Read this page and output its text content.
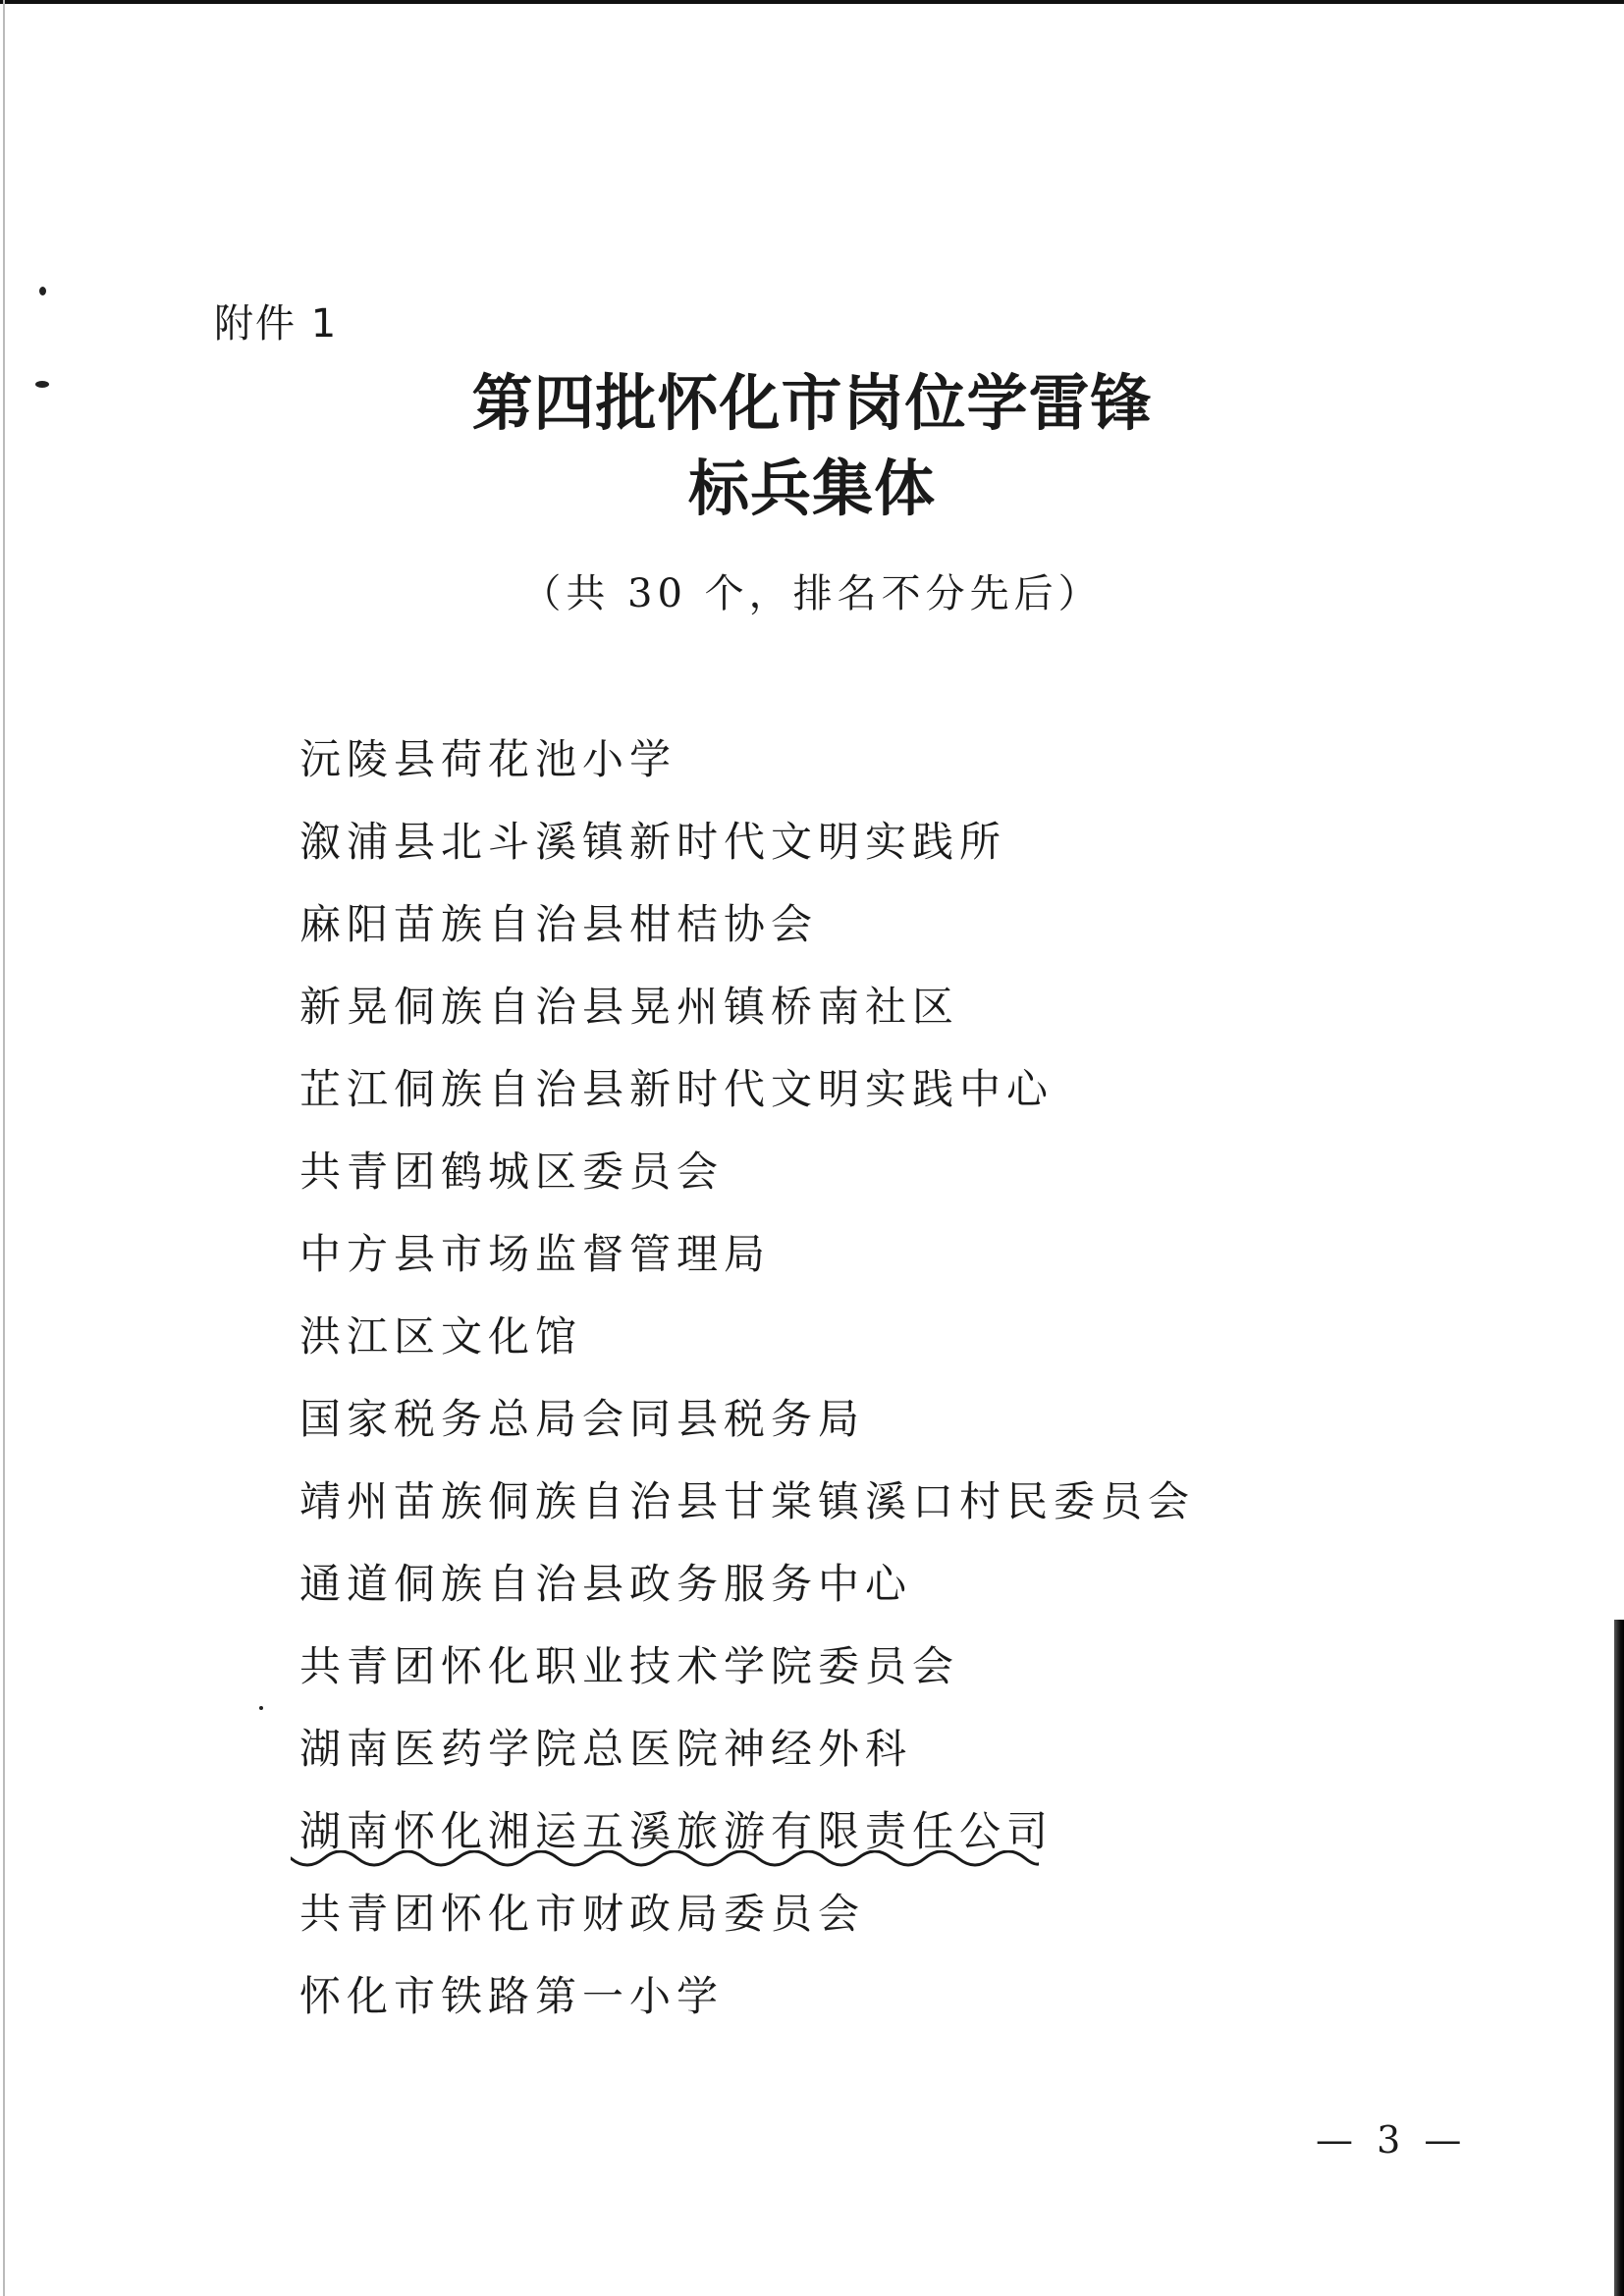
附件 1
第四批怀化市岗位学雷锋
标兵集体
（共 30 个，排名不分先后）
沅陵县荷花池小学
溆浦县北斗溪镇新时代文明实践所
麻阳苗族自治县柑桔协会
新晃侗族自治县晃州镇桥南社区
芷江侗族自治县新时代文明实践中心
共青团鹤城区委员会
中方县市场监督管理局
洪江区文化馆
国家税务总局会同县税务局
靖州苗族侗族自治县甘棠镇溪口村民委员会
通道侗族自治县政务服务中心
共青团怀化职业技术学院委员会
湖南医药学院总医院神经外科
湖南怀化湘运五溪旅游有限责任公司
共青团怀化市财政局委员会
怀化市铁路第一小学
— 3 —
